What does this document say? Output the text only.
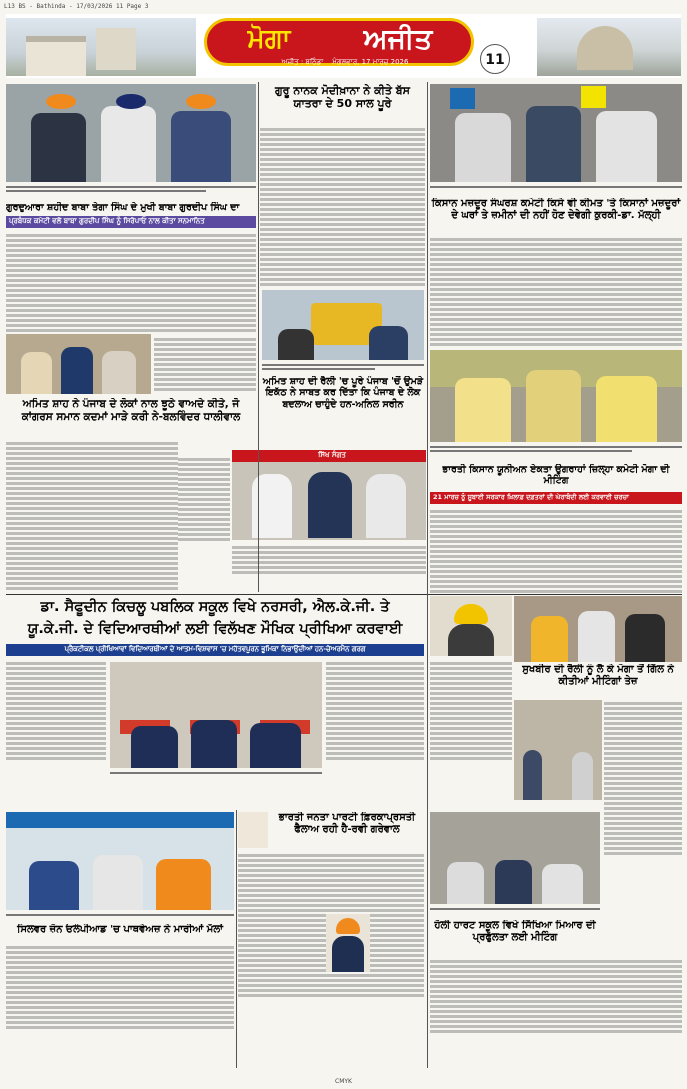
L13 BS - Bathinda - 17/03/2026 11 Page 3
ਮੋਗਾ	ਅਜੀਤ
ਅਜੀਤ : ਬਠਿੰਡਾ ਮੰਗਲਵਾਰ, 17 ਮਾਰਚ 2026	11
ਗੁਰਦੁਆਰਾ ਸ਼ਹੀਦ ਬਾਬਾ ਤੇਗਾ ਸਿੰਘ ਦੇ ਮੁਖੀ ਬਾਬਾ ਗੁਰਦੀਪ ਸਿੰਘ ਦਾ
ਪ੍ਰਬੰਧਕ ਕਮੇਟੀ ਵਲੋਂ ਬਾਬਾ ਗੁਰਦੀਪ ਸਿੰਘ ਨੂੰ ਸਿਰੋਪਾਓ ਨਾਲ ਕੀਤਾ ਸਨਮਾਨਿਤ
ਅਮਿਤ ਸ਼ਾਹ ਨੇ ਪੰਜਾਬ ਦੇ ਲੋਕਾਂ ਨਾਲ ਝੂਠੇ ਵਾਅਦੇ ਕੀਤੇ, ਜੋ ਕਾਂਗਰਸ ਸਮਾਨ ਕਦਮਾਂ ਮਾੜੇ ਕਰੀ ਨੇ-ਬਲਵਿੰਦਰ ਧਾਲੀਵਾਲ
ਗੁਰੂ ਨਾਨਕ ਮੋਦੀਖ਼ਾਨਾ ਨੇ ਕੀਤੇ ਬੱਸ ਯਾਤਰਾ ਦੇ 50 ਸਾਲ ਪੂਰੇ
ਅਮਿਤ ਸ਼ਾਹ ਦੀ ਰੈਲੀ 'ਚ ਪੂਰੇ ਪੰਜਾਬ 'ਚੋਂ ਉਮੜੇ ਇਕੱਠ ਨੇ ਸਾਬਤ ਕਰ ਦਿੱਤਾ ਕਿ ਪੰਜਾਬ ਦੇ ਲੋਕ ਬਦਲਾਅ ਚਾਹੁੰਦੇ ਹਨ-ਅਨਿਲ ਸਰੀਨ
ਕਿਸਾਨ ਮਜ਼ਦੂਰ ਸੰਘਰਸ਼ ਕਮੇਟੀ ਕਿਸੇ ਵੀ ਕੀਮਤ 'ਤੇ ਕਿਸਾਨਾਂ ਮਜ਼ਦੂਰਾਂ ਦੇ ਘਰਾਂ ਤੇ ਜ਼ਮੀਨਾਂ ਦੀ ਨਹੀਂ ਹੋਣ ਦੇਵੇਗੀ ਕੁਰਕੀ-ਡਾ. ਮੱਲ੍ਹੀ
ਭਾਰਤੀ ਕਿਸਾਨ ਯੂਨੀਅਨ ਏਕਤਾ ਉਗਰਾਹਾਂ ਜ਼ਿਲ੍ਹਾ ਕਮੇਟੀ ਮੋਗਾ ਦੀ ਮੀਟਿੰਗ
21 ਮਾਰਚ ਨੂੰ ਸੂਬਾਈ ਸਰਕਾਰ ਖ਼ਿਲਾਫ਼ ਦਫ਼ਤਰਾਂ ਦੀ ਘੇਰਾਬੰਦੀ ਲਈ ਕਰਵਾਈ ਚਰਚਾ
ਸਿੱਖ ਸੰਗਤ
ਡਾ. ਸੈਫੂਦੀਨ ਕਿਚਲੂ ਪਬਲਿਕ ਸਕੂਲ ਵਿਖੇ ਨਰਸਰੀ, ਐਲ.ਕੇ.ਜੀ. ਤੇ
ਯੂ.ਕੇ.ਜੀ. ਦੇ ਵਿਦਿਆਰਥੀਆਂ ਲਈ ਵਿਲੱਖਣ ਮੌਖਿਕ ਪ੍ਰੀਖਿਆ ਕਰਵਾਈ
ਪ੍ਰੈਕਟੀਕਲ ਪ੍ਰੀਖਿਆਵਾਂ ਵਿਦਿਆਰਥੀਆਂ ਦੇ ਆਤਮ-ਵਿਸ਼ਵਾਸ 'ਚ ਮਹੱਤਵਪੂਰਨ ਭੂਮਿਕਾ ਨਿਭਾਉਂਦੀਆਂ ਹਨ-ਚੇਅਰਮੈਨ ਗਰਗ
ਸੁਖਬੀਰ ਦੀ ਰੈਲੀ ਨੂੰ ਲੈ ਕੇ ਮੋਗਾ ਤੋਂ ਗਿੱਲ ਨੇ ਕੀਤੀਆਂ ਮੀਟਿੰਗਾਂ ਤੇਜ਼
ਸਿਲਵਰ ਜ਼ੋਨ ਓਲੰਪੀਆਡ 'ਚ ਪਾਥਵੇਅਜ਼ ਨੇ ਮਾਰੀਆਂ ਮੱਲਾਂ
ਭਾਰਤੀ ਜਨਤਾ ਪਾਰਟੀ ਫ਼ਿਰਕਾਪ੍ਰਸਤੀ ਫੈਲਾਅ ਰਹੀ ਹੈ-ਰਵੀ ਗਰੇਵਾਲ
ਹੋਲੀ ਹਾਰਟ ਸਕੂਲ ਵਿਖੇ ਸਿੱਖਿਆ ਮਿਆਰ ਦੀ ਪ੍ਰਫੁੱਲਤਾ ਲਈ ਮੀਟਿੰਗ
CMYK
